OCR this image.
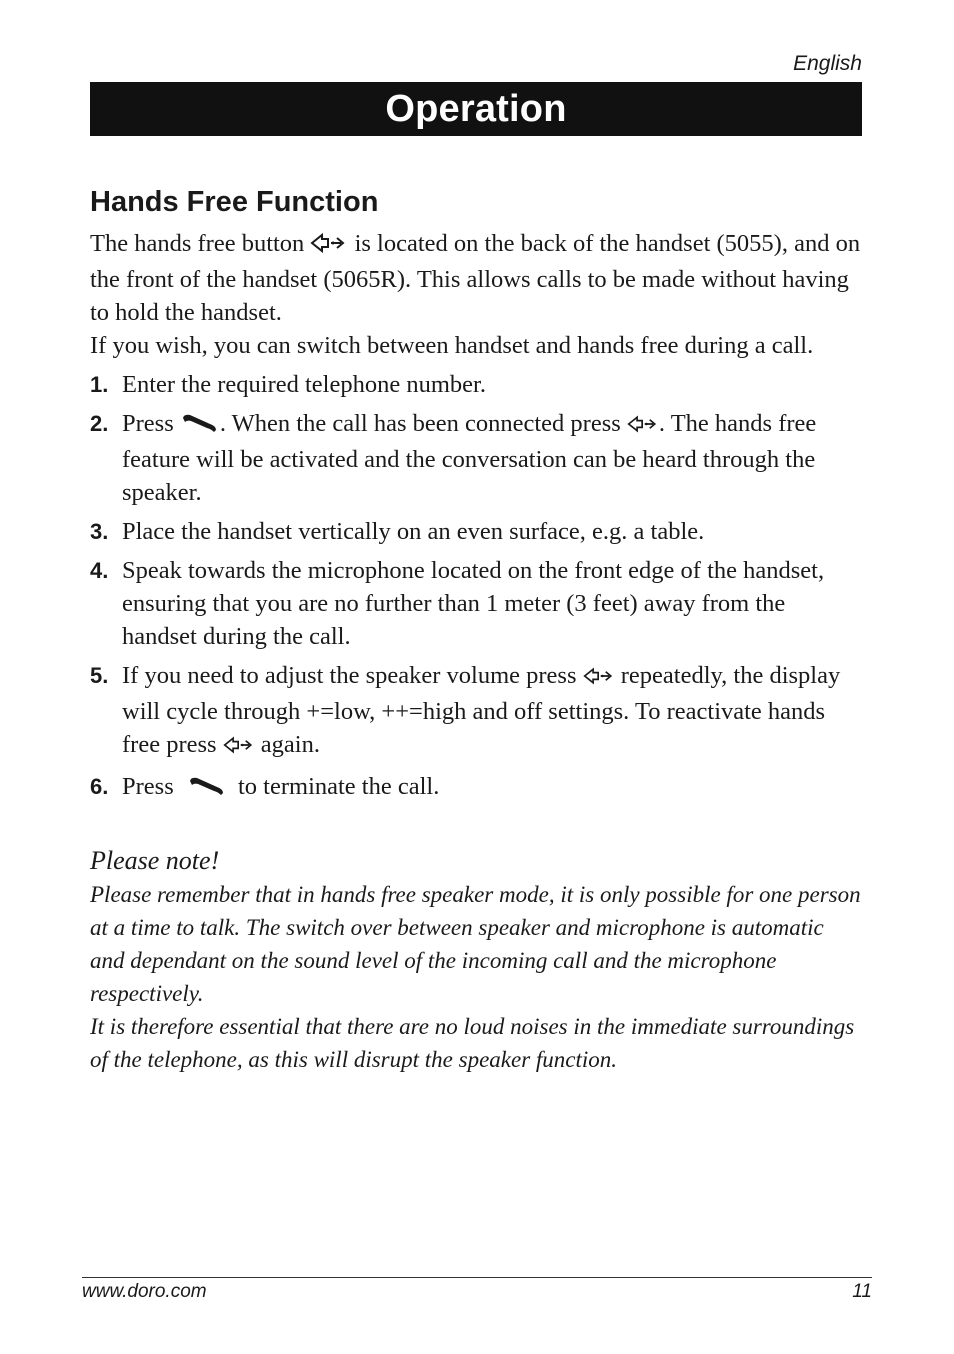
English
Operation
Hands Free Function

The hands free button  is located on the back of the handset (5055), and on the front of the handset (5065R). This allows calls to be made without having to hold the handset.

If you wish, you can switch between handset and hands free during a call.

1. Enter the required telephone number.
2. Press . When the call has been connected press . The hands free feature will be activated and the conversation can be heard through the speaker.
3. Place the handset vertically on an even surface, e.g. a table.
4. Speak towards the microphone located on the front edge of the handset, ensuring that you are no further than 1 meter (3 feet) away from the handset during the call.
5. If you need to adjust the speaker volume press  repeatedly, the display will cycle through +=low, ++=high and off settings. To reactivate hands free press  again.
6. Press  to terminate the call.

Please note!

Please remember that in hands free speaker mode, it is only possible for one person at a time to talk. The switch over between speaker and microphone is automatic and dependant on the sound level of the incoming call and the microphone respectively.

It is therefore essential that there are no loud noises in the immediate surroundings of the telephone, as this will disrupt the speaker function.

www.doro.com	11
